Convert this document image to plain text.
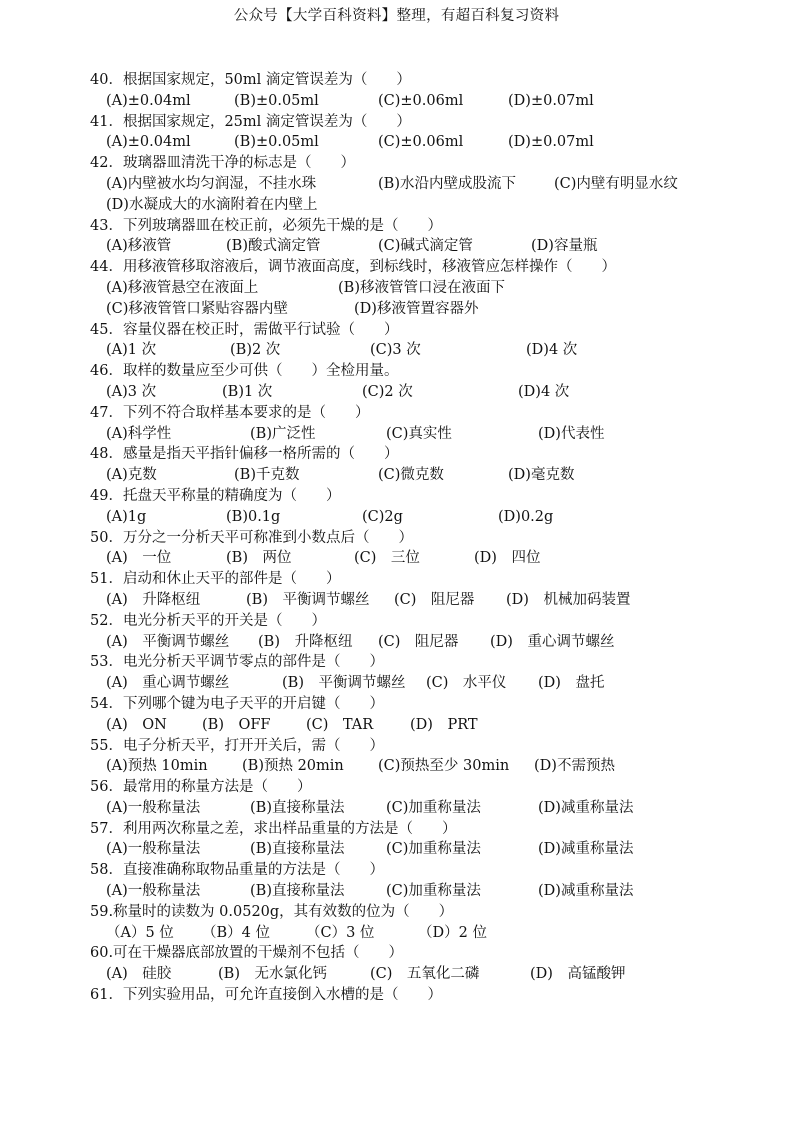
公众号【大学百科资料】整理，有超百科复习资料
40．根据国家规定，50ml 滴定管误差为（　　）
(A)±0.04ml	(B)±0.05ml	(C)±0.06ml	(D)±0.07ml
41．根据国家规定，25ml 滴定管误差为（　　）
(A)±0.04ml	(B)±0.05ml	(C)±0.06ml	(D)±0.07ml
42．玻璃器皿清洗干净的标志是（　　）
(A)内壁被水均匀润湿，不挂水珠	(B)水沿内壁成股流下	(C)内壁有明显水纹
(D)水凝成大的水滴附着在内壁上
43．下列玻璃器皿在校正前，必须先干燥的是（　　）
(A)移液管	(B)酸式滴定管	(C)碱式滴定管	(D)容量瓶
44．用移液管移取溶液后，调节液面高度，到标线时，移液管应怎样操作（　　）
(A)移液管悬空在液面上	(B)移液管管口浸在液面下
(C)移液管管口紧贴容器内壁	(D)移液管置容器外
45．容量仪器在校正时，需做平行试验（　　）
(A)1 次	(B)2 次	(C)3 次	(D)4 次
46．取样的数量应至少可供（　　）全检用量。
(A)3 次	(B)1 次	(C)2 次	(D)4 次
47．下列不符合取样基本要求的是（　　）
(A)科学性	(B)广泛性	(C)真实性	(D)代表性
48．感量是指天平指针偏移一格所需的（　　）
(A)克数	(B)千克数	(C)微克数	(D)毫克数
49．托盘天平称量的精确度为（　　）
(A)1g	(B)0.1g	(C)2g	(D)0.2g
50．万分之一分析天平可称准到小数点后（　　）
(A)　一位	(B)　两位	(C)　三位	(D)　四位
51．启动和休止天平的部件是（　　）
(A)　升降枢纽	(B)　平衡调节螺丝 (C)　阻尼器 (D)　机械加码装置
52．电光分析天平的开关是（　　）
(A)　平衡调节螺丝 (B)　升降枢纽 (C)　阻尼器 (D)　重心调节螺丝
53．电光分析天平调节零点的部件是（　　）
(A)　重心调节螺丝	(B)　平衡调节螺丝 (C)　水平仪 (D)　盘托
54．下列哪个键为电子天平的开启键（　　）
(A)　ON (B)　OFF (C)　TAR	(D)　PRT
55．电子分析天平，打开开关后，需（　　）
(A)预热 10min (B)预热 20min (C)预热至少 30min (D)不需预热
56．最常用的称量方法是（　　）
(A)一般称量法	(B)直接称量法	(C)加重称量法	(D)减重称量法
57．利用两次称量之差，求出样品重量的方法是（　　）
(A)一般称量法	(B)直接称量法	(C)加重称量法	(D)减重称量法
58．直接准确称取物品重量的方法是（　　）
(A)一般称量法	(B)直接称量法	(C)加重称量法	(D)减重称量法
59.称量时的读数为 0.0520g，其有效数的位为（　　）
（A）5 位 （B）4 位 （C）3 位	（D）2 位
60.可在干燥器底部放置的干燥剂不包括（　　）
(A)　硅胶	(B)　无水氯化钙	(C)　五氧化二磷	(D)　高锰酸钾
61．下列实验用品，可允许直接倒入水槽的是（　　）
